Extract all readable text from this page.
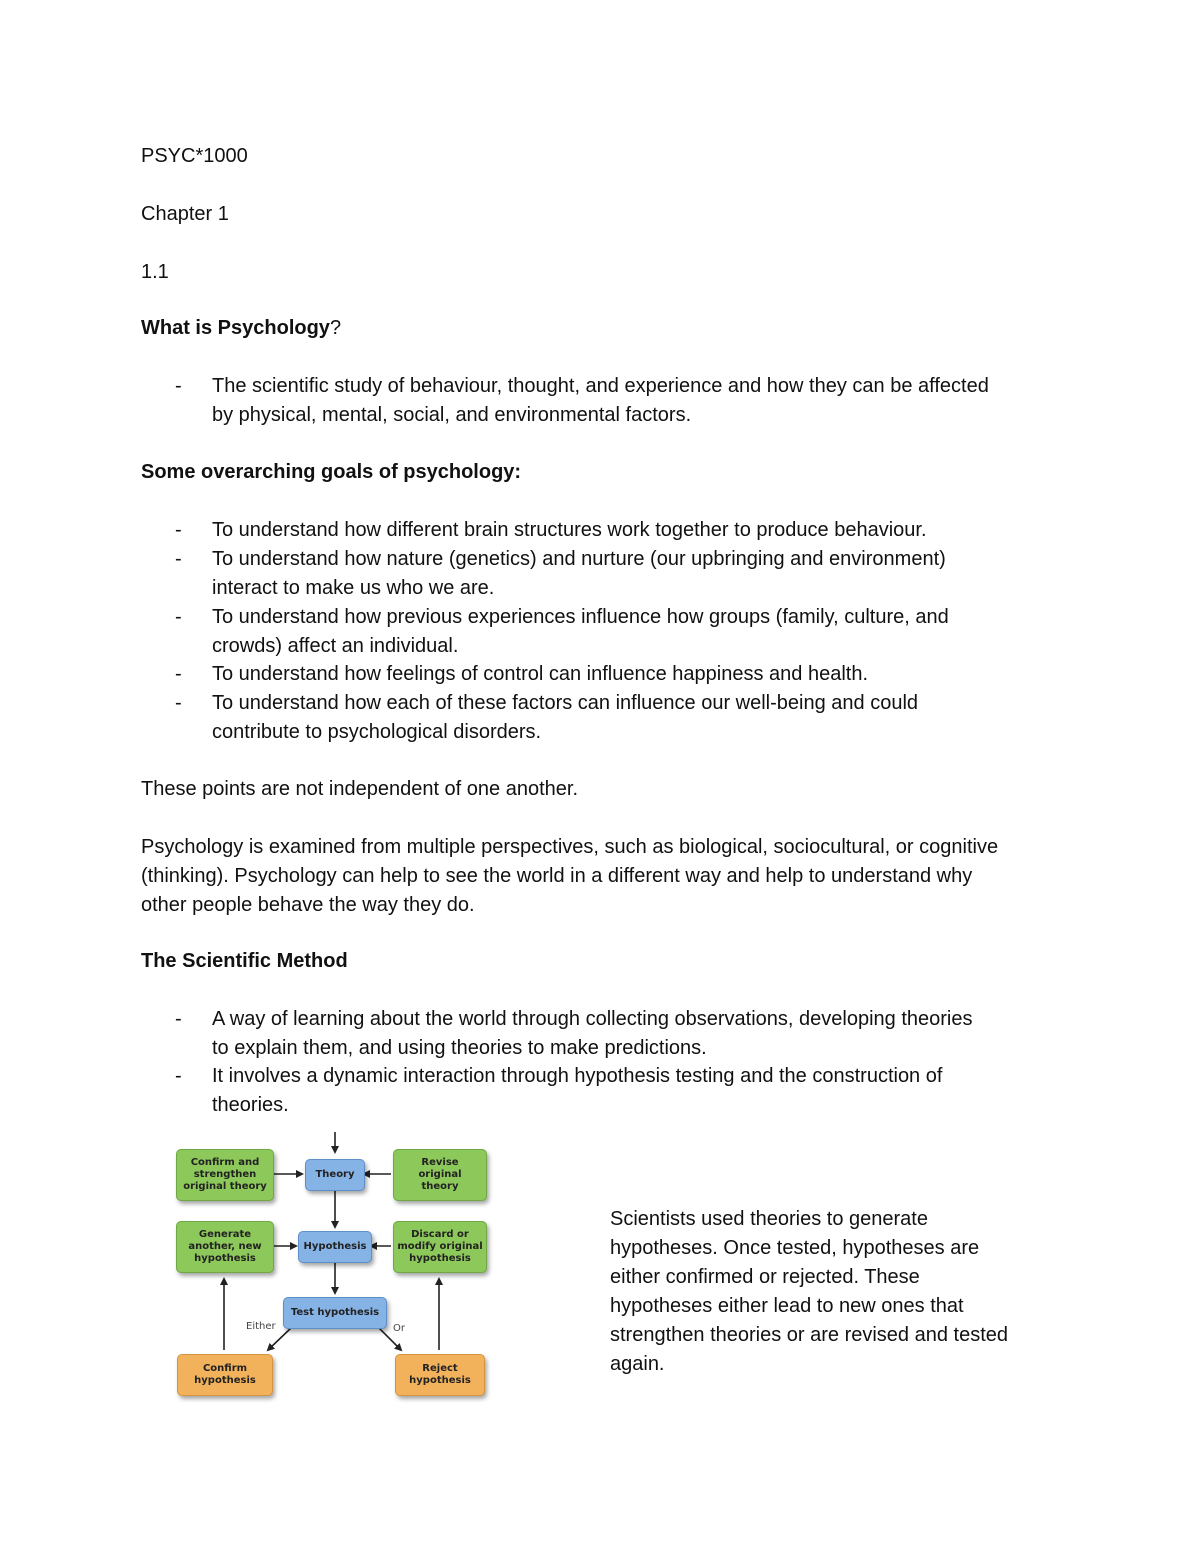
PSYC*1000
Chapter 1
1.1
What is Psychology?
- The scientific study of behaviour, thought, and experience and how they can be affected
by physical, mental, social, and environmental factors.
Some overarching goals of psychology:
- To understand how different brain structures work together to produce behaviour.
- To understand how nature (genetics) and nurture (our upbringing and environment)
interact to make us who we are.
- To understand how previous experiences influence how groups (family, culture, and
crowds) affect an individual.
- To understand how feelings of control can influence happiness and health.
- To understand how each of these factors can influence our well-being and could
contribute to psychological disorders.
These points are not independent of one another.
Psychology is examined from multiple perspectives, such as biological, sociocultural, or cognitive
(thinking). Psychology can help to see the world in a different way and help to understand why
other people behave the way they do.
The Scientific Method
- A way of learning about the world through collecting observations, developing theories
to explain them, and using theories to make predictions.
- It involves a dynamic interaction through hypothesis testing and the construction of
theories.
Confirm and
strengthen
original theory
Theory
Revise
original
theory
Generate
another, new
hypothesis
Hypothesis
Discard or
modify original
hypothesis
Test hypothesis
Either	Or
Confirm
hypothesis
Reject
hypothesis
Scientists used theories to generate
hypotheses. Once tested, hypotheses are
either confirmed or rejected. These
hypotheses either lead to new ones that
strengthen theories or are revised and tested
again.
